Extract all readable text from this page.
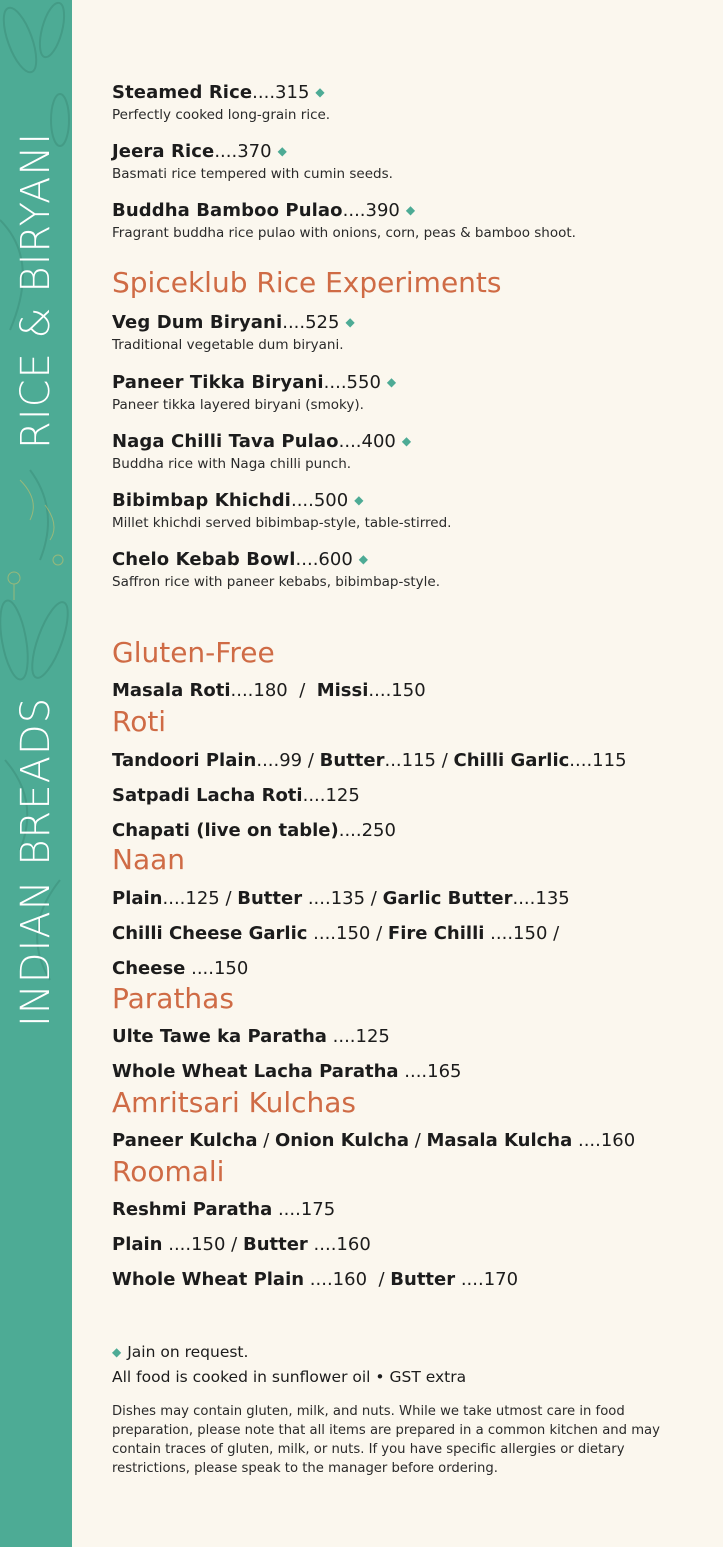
RICE & BIRYANI
INDIAN BREADS
Steamed Rice....315 ◆
Perfectly cooked long-grain rice.
Jeera Rice....370 ◆
Basmati rice tempered with cumin seeds.
Buddha Bamboo Pulao....390 ◆
Fragrant buddha rice pulao with onions, corn, peas & bamboo shoot.
Spiceklub Rice Experiments
Veg Dum Biryani....525 ◆
Traditional vegetable dum biryani.
Paneer Tikka Biryani....550 ◆
Paneer tikka layered biryani (smoky).
Naga Chilli Tava Pulao....400 ◆
Buddha rice with Naga chilli punch.
Bibimbap Khichdi....500 ◆
Millet khichdi served bibimbap-style, table-stirred.
Chelo Kebab Bowl....600 ◆
Saffron rice with paneer kebabs, bibimbap-style.
Gluten-Free
Masala Roti....180  /  Missi....150
Roti
Tandoori Plain....99 / Butter...115 / Chilli Garlic....115
Satpadi Lacha Roti....125
Chapati (live on table)....250
Naan
Plain....125 / Butter ....135 / Garlic Butter....135
Chilli Cheese Garlic ....150 / Fire Chilli ....150 /
Cheese ....150
Parathas
Ulte Tawe ka Paratha ....125
Whole Wheat Lacha Paratha ....165
Amritsari Kulchas
Paneer Kulcha / Onion Kulcha / Masala Kulcha ....160
Roomali
Reshmi Paratha ....175
Plain ....150 / Butter ....160
Whole Wheat Plain ....160  / Butter ....170
◆ Jain on request.
All food is cooked in sunflower oil • GST extra
Dishes may contain gluten, milk, and nuts. While we take utmost care in food preparation, please note that all items are prepared in a common kitchen and may contain traces of gluten, milk, or nuts. If you have specific allergies or dietary restrictions, please speak to the manager before ordering.
